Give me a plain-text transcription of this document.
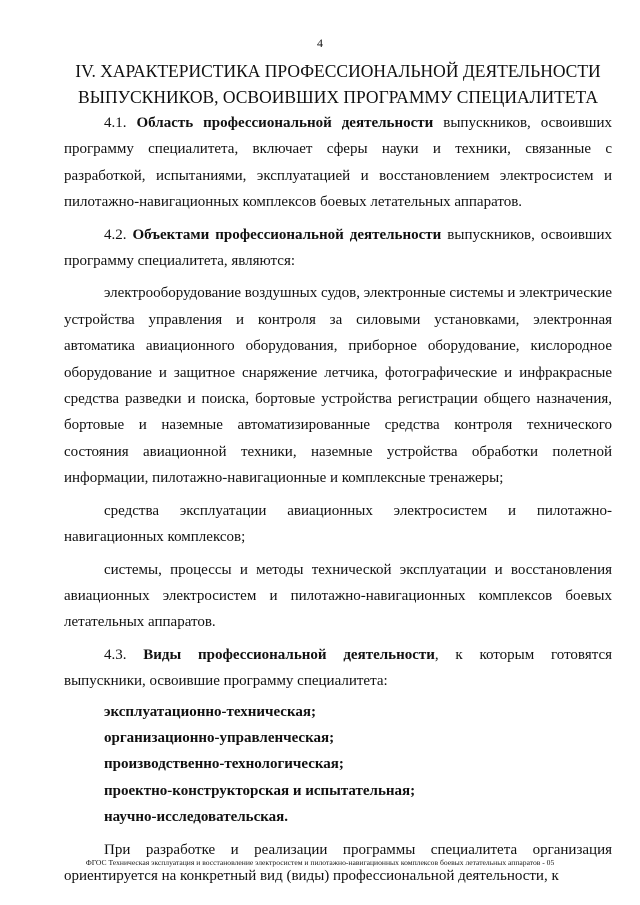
4
IV. ХАРАКТЕРИСТИКА ПРОФЕССИОНАЛЬНОЙ ДЕЯТЕЛЬНОСТИ
ВЫПУСКНИКОВ, ОСВОИВШИХ ПРОГРАММУ СПЕЦИАЛИТЕТА

4.1. Область профессиональной деятельности выпускников, освоивших программу специалитета, включает сферы науки и техники, связанные с разработкой, испытаниями, эксплуатацией и восстановлением электросистем и пилотажно-навигационных комплексов боевых летательных аппаратов.

4.2. Объектами профессиональной деятельности выпускников, освоивших программу специалитета, являются:

электрооборудование воздушных судов, электронные системы и электрические устройства управления и контроля за силовыми установками, электронная автоматика авиационного оборудования, приборное оборудование, кислородное оборудование и защитное снаряжение летчика, фотографические и инфракрасные средства разведки и поиска, бортовые устройства регистрации общего назначения, бортовые и наземные автоматизированные средства контроля технического состояния авиационной техники, наземные устройства обработки полетной информации, пилотажно-навигационные и комплексные тренажеры;

средства эксплуатации авиационных электросистем и пилотажно-навигационных комплексов;

системы, процессы и методы технической эксплуатации и восстановления авиационных электросистем и пилотажно-навигационных комплексов боевых летательных аппаратов.

4.3. Виды профессиональной деятельности, к которым готовятся выпускники, освоившие программу специалитета:

эксплуатационно-техническая;

организационно-управленческая;

производственно-технологическая;

проектно-конструкторская и испытательная;

научно-исследовательская.

При разработке и реализации программы специалитета организация ориентируется на конкретный вид (виды) профессиональной деятельности, к

ФГОС Техническая эксплуатация и восстановление электросистем и пилотажно-навигационных комплексов боевых летательных аппаратов - 05
